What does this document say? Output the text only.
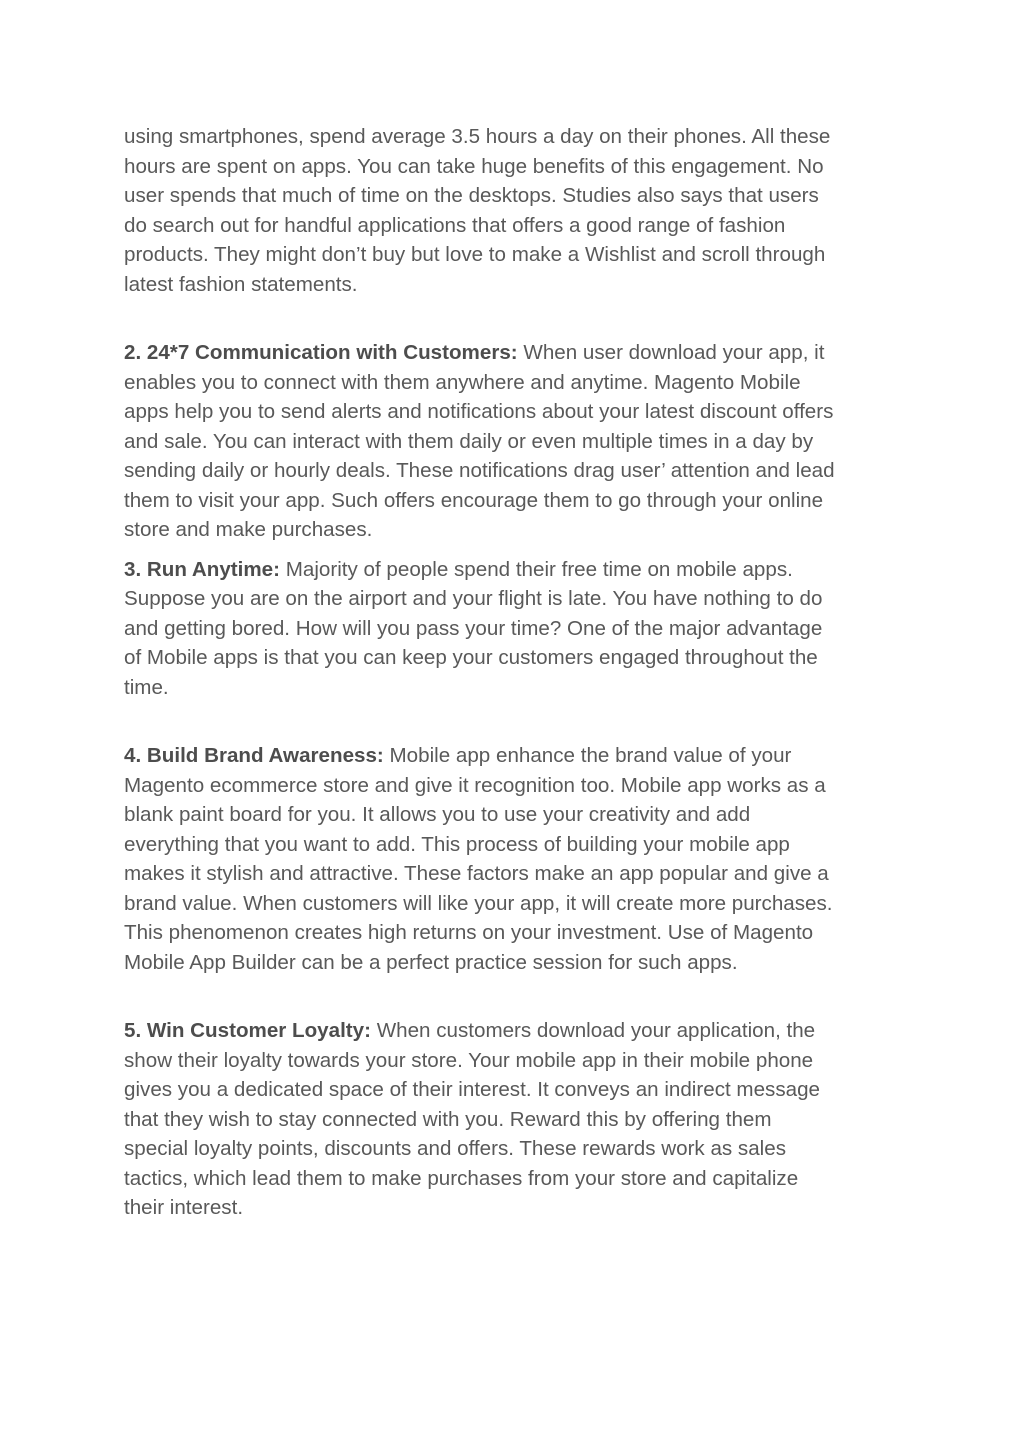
using smartphones, spend average 3.5 hours a day on their phones. All these
hours are spent on apps. You can take huge benefits of this engagement. No
user spends that much of time on the desktops. Studies also says that users
do search out for handful applications that offers a good range of fashion
products. They might don’t buy but love to make a Wishlist and scroll through
latest fashion statements.

2. 24*7 Communication with Customers: When user download your app, it
enables you to connect with them anywhere and anytime. Magento Mobile
apps help you to send alerts and notifications about your latest discount offers
and sale. You can interact with them daily or even multiple times in a day by
sending daily or hourly deals. These notifications drag user’ attention and lead
them to visit your app. Such offers encourage them to go through your online
store and make purchases.

3. Run Anytime: Majority of people spend their free time on mobile apps.
Suppose you are on the airport and your flight is late. You have nothing to do
and getting bored. How will you pass your time? One of the major advantage
of Mobile apps is that you can keep your customers engaged throughout the
time.

4. Build Brand Awareness: Mobile app enhance the brand value of your
Magento ecommerce store and give it recognition too. Mobile app works as a
blank paint board for you. It allows you to use your creativity and add
everything that you want to add. This process of building your mobile app
makes it stylish and attractive. These factors make an app popular and give a
brand value. When customers will like your app, it will create more purchases.
This phenomenon creates high returns on your investment. Use of Magento
Mobile App Builder can be a perfect practice session for such apps.

5. Win Customer Loyalty: When customers download your application, the
show their loyalty towards your store. Your mobile app in their mobile phone
gives you a dedicated space of their interest. It conveys an indirect message
that they wish to stay connected with you. Reward this by offering them
special loyalty points, discounts and offers. These rewards work as sales
tactics, which lead them to make purchases from your store and capitalize
their interest.
